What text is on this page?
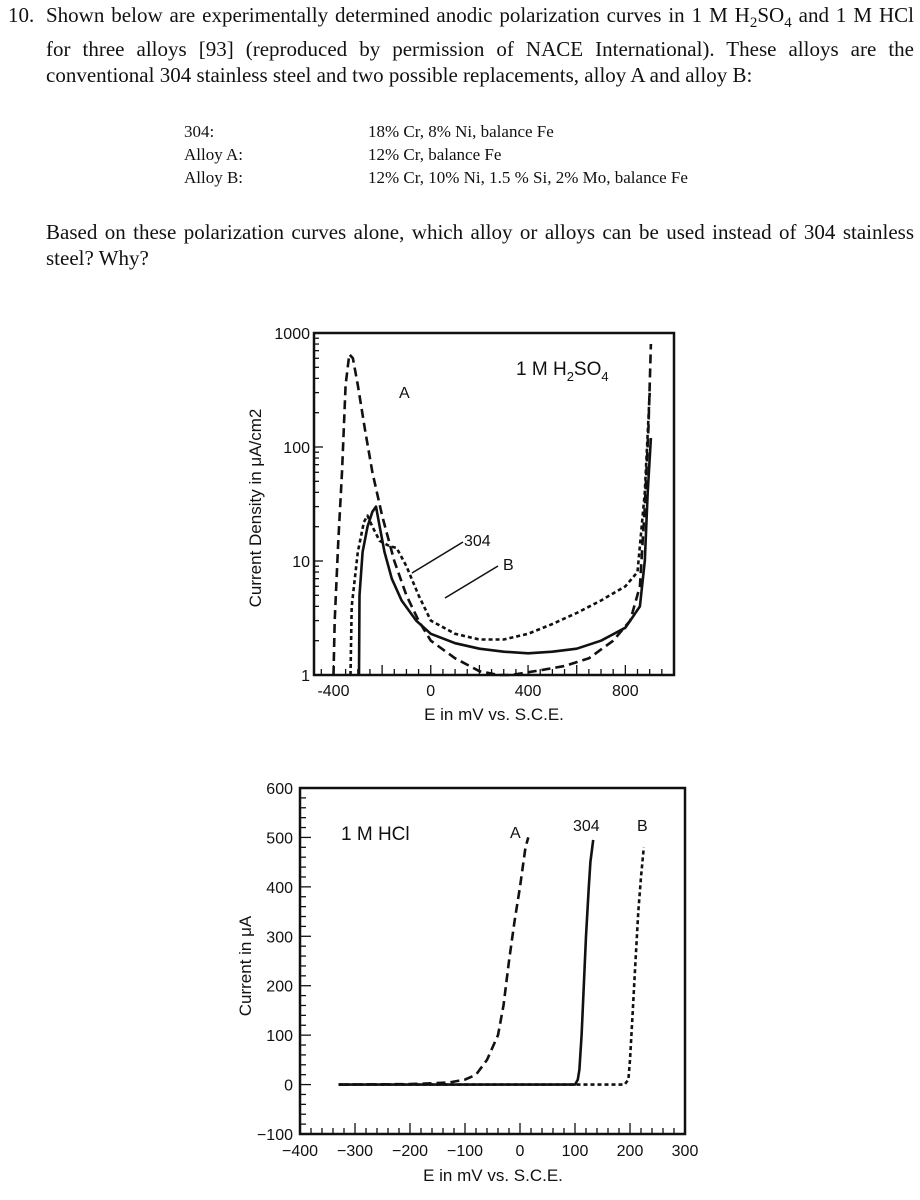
10. Shown below are experimentally determined anodic polarization curves in 1 M $H_2SO_4$ and 1 M HCl for three alloys [93] (reproduced by permission of NACE International). These alloys are the conventional 304 stainless steel and two possible replacements, alloy A and alloy B:
304:	18% Cr, 8% Ni, balance Fe
Alloy A:	12% Cr, balance Fe
Alloy B:	12% Cr, 10% Ni, 1.5 % Si, 2% Mo, balance Fe
Based on these polarization curves alone, which alloy or alloys can be used instead of 304 stainless steel? Why?
1
10
100
1000
-400	0	400	800
1 M $H_2SO_4$
E in mV vs. S.C.E.
Current Density in μA/cm2
A
304
B
−100
0
100
200
300
400
500
600
−400 −300 −200 −100 0 100 200 300
1 M HCl
E in mV vs. S.C.E.
Current in μA
A	304 B
